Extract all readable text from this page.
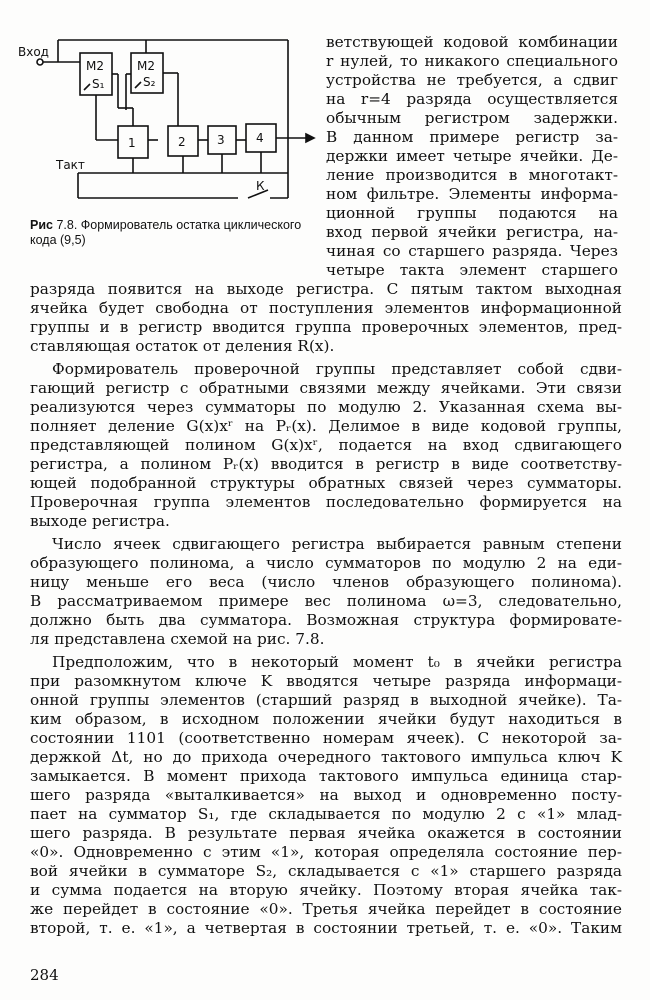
Вход
М2
S₁
М2
S₂
1	2	3	4
Такт
К
Рис 7.8. Формирователь остатка циклического кода (9,5)
ветствующей кодовой комбинации
r нулей, то никакого специального
устройства не требуется, а сдвиг
на r=4 разряда осуществляется
обычным регистром задержки.
В данном примере регистр за-
держки имеет четыре ячейки. Де-
ление производится в многотакт-
ном фильтре. Элементы информа-
ционной группы подаются на
вход первой ячейки регистра, на-
чиная со старшего разряда. Через
четыре такта элемент старшего
разряда появится на выходе регистра. С пятым тактом выходная
ячейка будет свободна от поступления элементов информационной
группы и в регистр вводится группа проверочных элементов, пред-
ставляющая остаток от деления R(x).
Формирователь проверочной группы представляет собой сдви-
гающий регистр с обратными связями между ячейками. Эти связи
реализуются через сумматоры по модулю 2. Указанная схема вы-
полняет деление G(x)xʳ на Pᵣ(x). Делимое в виде кодовой группы,
представляющей полином G(x)xʳ, подается на вход сдвигающего
регистра, а полином Pᵣ(x) вводится в регистр в виде соответству-
ющей подобранной структуры обратных связей через сумматоры.
Проверочная группа элементов последовательно формируется на
выходе регистра.
Число ячеек сдвигающего регистра выбирается равным степени
образующего полинома, а число сумматоров по модулю 2 на еди-
ницу меньше его веса (число членов образующего полинома).
В рассматриваемом примере вес полинома ω=3, следовательно,
должно быть два сумматора. Возможная структура формировате-
ля представлена схемой на рис. 7.8.
Предположим, что в некоторый момент t₀ в ячейки регистра
при разомкнутом ключе K вводятся четыре разряда информаци-
онной группы элементов (старший разряд в выходной ячейке). Та-
ким образом, в исходном положении ячейки будут находиться в
состоянии 1101 (соответственно номерам ячеек). С некоторой за-
держкой Δt, но до прихода очередного тактового импульса ключ K
замыкается. В момент прихода тактового импульса единица стар-
шего разряда «выталкивается» на выход и одновременно посту-
пает на сумматор S₁, где складывается по модулю 2 с «1» млад-
шего разряда. В результате первая ячейка окажется в состоянии
«0». Одновременно с этим «1», которая определяла состояние пер-
вой ячейки в сумматоре S₂, складывается с «1» старшего разряда
и сумма подается на вторую ячейку. Поэтому вторая ячейка так-
же перейдет в состояние «0». Третья ячейка перейдет в состояние
второй, т. е. «1», а четвертая в состоянии третьей, т. е. «0». Таким
284
